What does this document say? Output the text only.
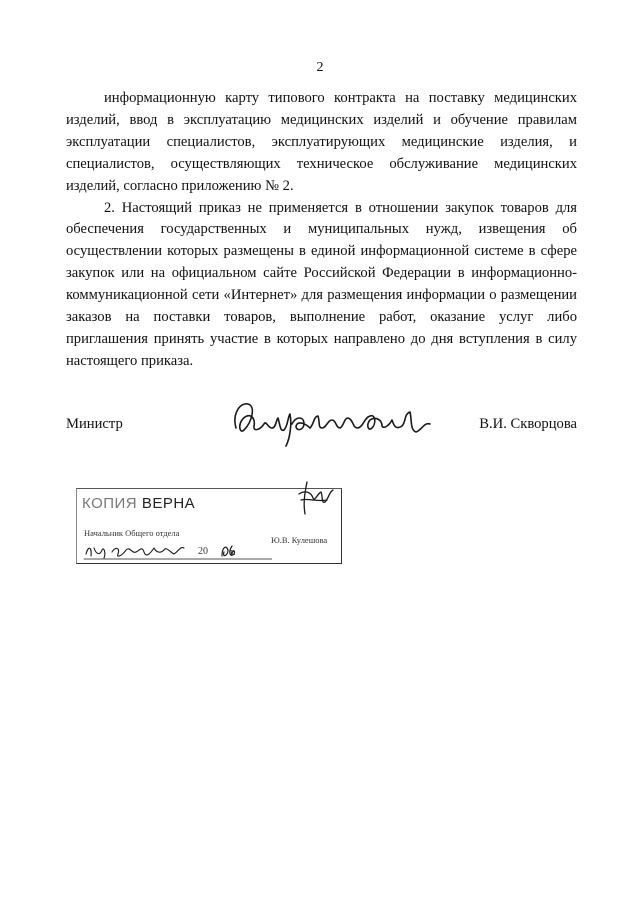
2

информационную карту типового контракта на поставку медицинских изделий, ввод в эксплуатацию медицинских изделий и обучение правилам эксплуатации специалистов, эксплуатирующих медицинские изделия, и специалистов, осуществляющих техническое обслуживание медицинских изделий, согласно приложению № 2.

2. Настоящий приказ не применяется в отношении закупок товаров для обеспечения государственных и муниципальных нужд, извещения об осуществлении которых размещены в единой информационной системе в сфере закупок или на официальном сайте Российской Федерации в информационно-коммуникационной сети «Интернет» для размещения информации о размещении заказов на поставки товаров, выполнение работ, оказание услуг либо приглашения принять участие в которых направлено до дня вступления в силу настоящего приказа.

Министр	В.И. Скворцова
КОПИЯ ВЕРНА
Начальник Общего отдела
Ю.В. Кулешова
20 г.
